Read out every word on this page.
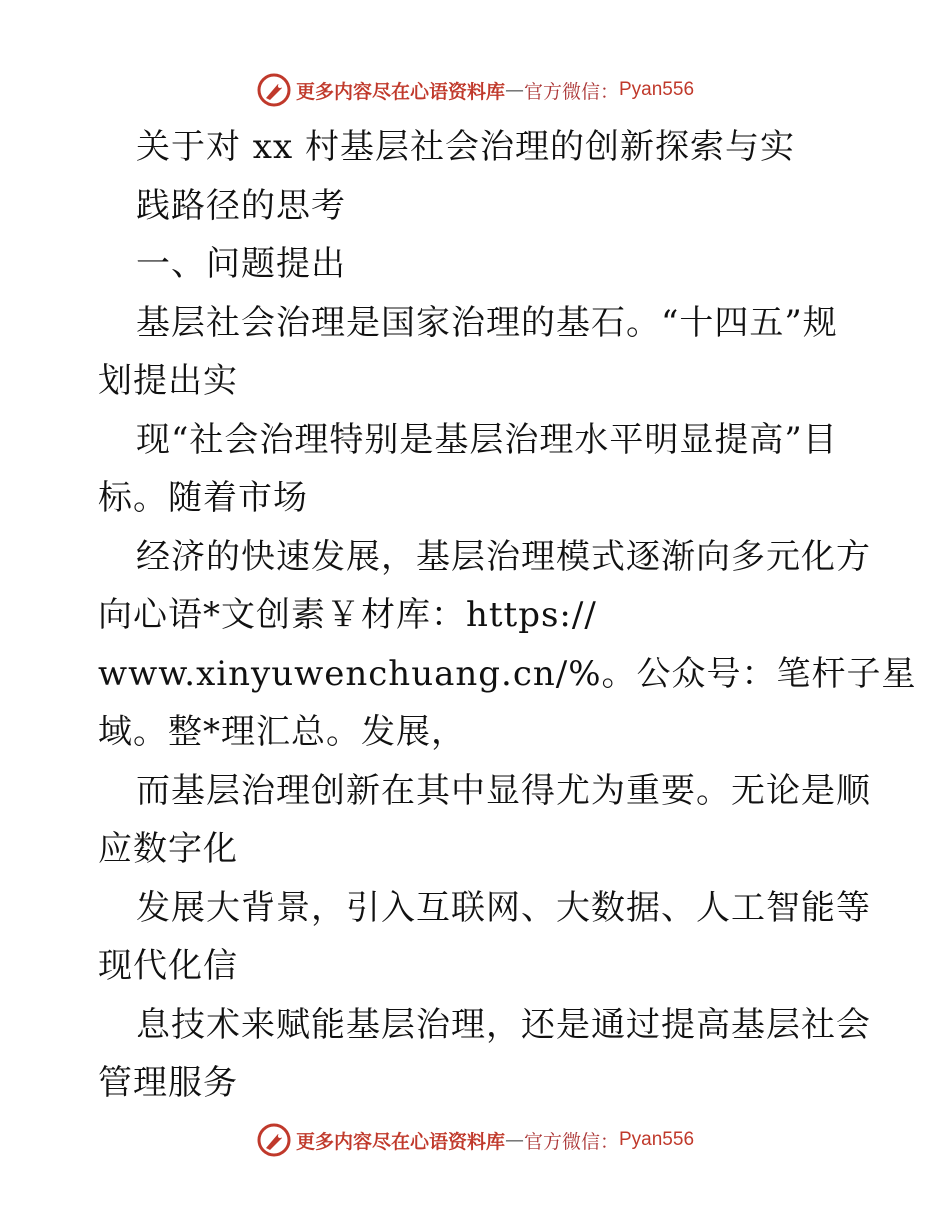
更多内容尽在心语资料库 — 官方微信： Pyan556
关于对 xx 村基层社会治理的创新探索与实
践路径的思考
一、问题提出
基层社会治理是国家治理的基石。“十四五”规
划提出实
现“社会治理特别是基层治理水平明显提高”目
标。随着市场
经济的快速发展，基层治理模式逐渐向多元化方
向心语*文创素￥材库：https://
www.xinyuwenchuang.cn/%。公众号：笔杆子星
域。整*理汇总。发展，
而基层治理创新在其中显得尤为重要。无论是顺
应数字化
发展大背景，引入互联网、大数据、人工智能等
现代化信
息技术来赋能基层治理，还是通过提高基层社会
管理服务
更多内容尽在心语资料库 — 官方微信： Pyan556
